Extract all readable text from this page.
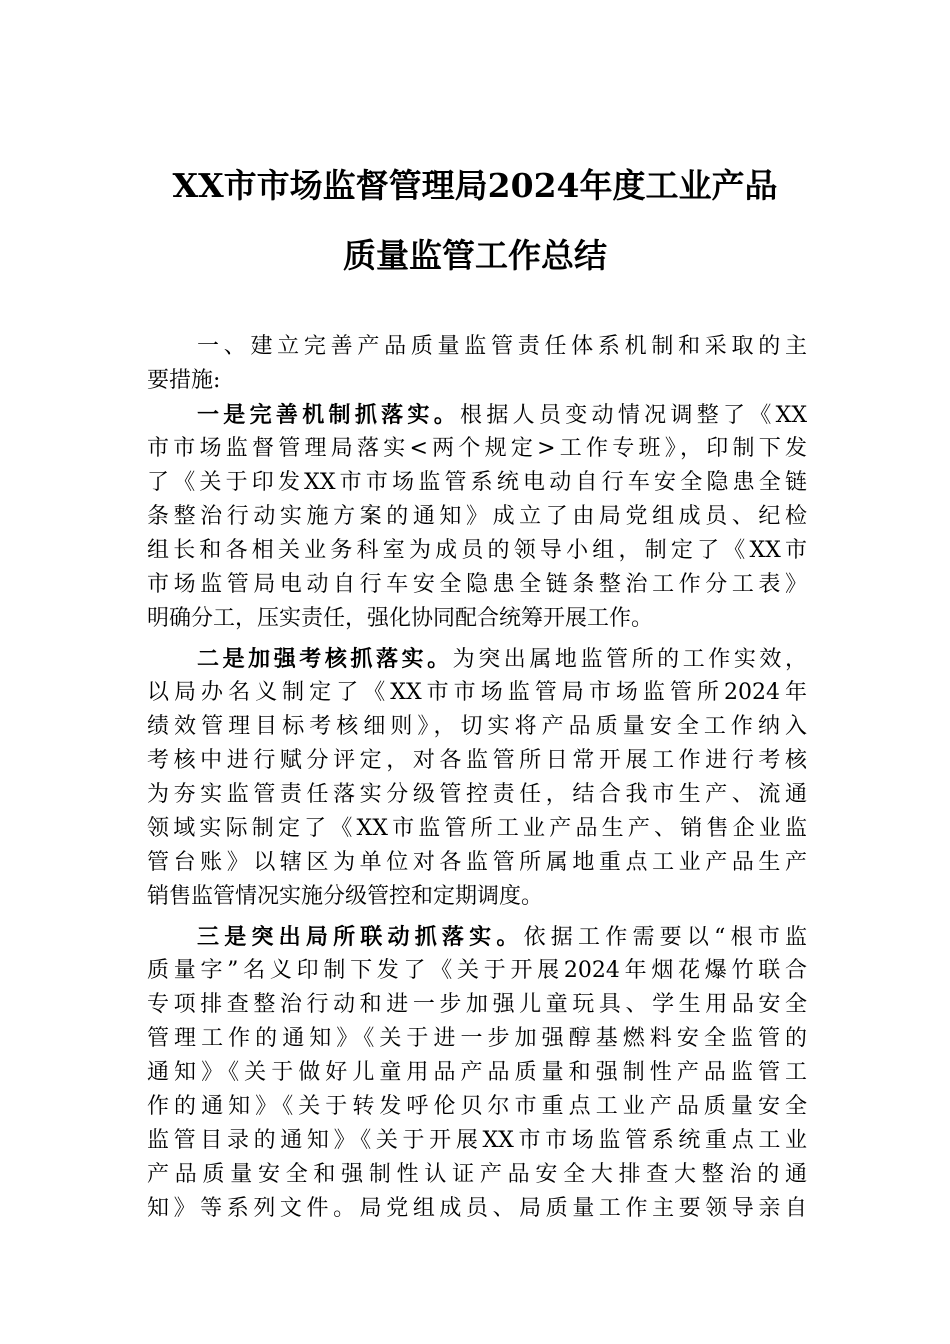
XX市市场监督管理局2024年度工业产品
质量监管工作总结
一、建立完善产品质量监管责任体系机制和采取的主
要措施:
一是完善机制抓落实。根据人员变动情况调整了《XX
市市场监督管理局落实<两个规定>工作专班》，印制下发
了《关于印发XX市市场监管系统电动自行车安全隐患全链
条整治行动实施方案的通知》成立了由局党组成员、纪检
组长和各相关业务科室为成员的领导小组，制定了《XX市
市场监管局电动自行车安全隐患全链条整治工作分工表》
明确分工，压实责任，强化协同配合统筹开展工作。
二是加强考核抓落实。为突出属地监管所的工作实效，
以局办名义制定了《XX市市场监管局市场监管所2024年
绩效管理目标考核细则》，切实将产品质量安全工作纳入
考核中进行赋分评定，对各监管所日常开展工作进行考核
为夯实监管责任落实分级管控责任，结合我市生产、流通
领域实际制定了《XX市监管所工业产品生产、销售企业监
管台账》以辖区为单位对各监管所属地重点工业产品生产
销售监管情况实施分级管控和定期调度。
三是突出局所联动抓落实。依据工作需要以“根市监
质量字”名义印制下发了《关于开展2024年烟花爆竹联合
专项排查整治行动和进一步加强儿童玩具、学生用品安全
管理工作的通知》《关于进一步加强醇基燃料安全监管的
通知》《关于做好儿童用品产品质量和强制性产品监管工
作的通知》《关于转发呼伦贝尔市重点工业产品质量安全
监管目录的通知》《关于开展XX市市场监管系统重点工业
产品质量安全和强制性认证产品安全大排查大整治的通
知》等系列文件。局党组成员、局质量工作主要领导亲自
